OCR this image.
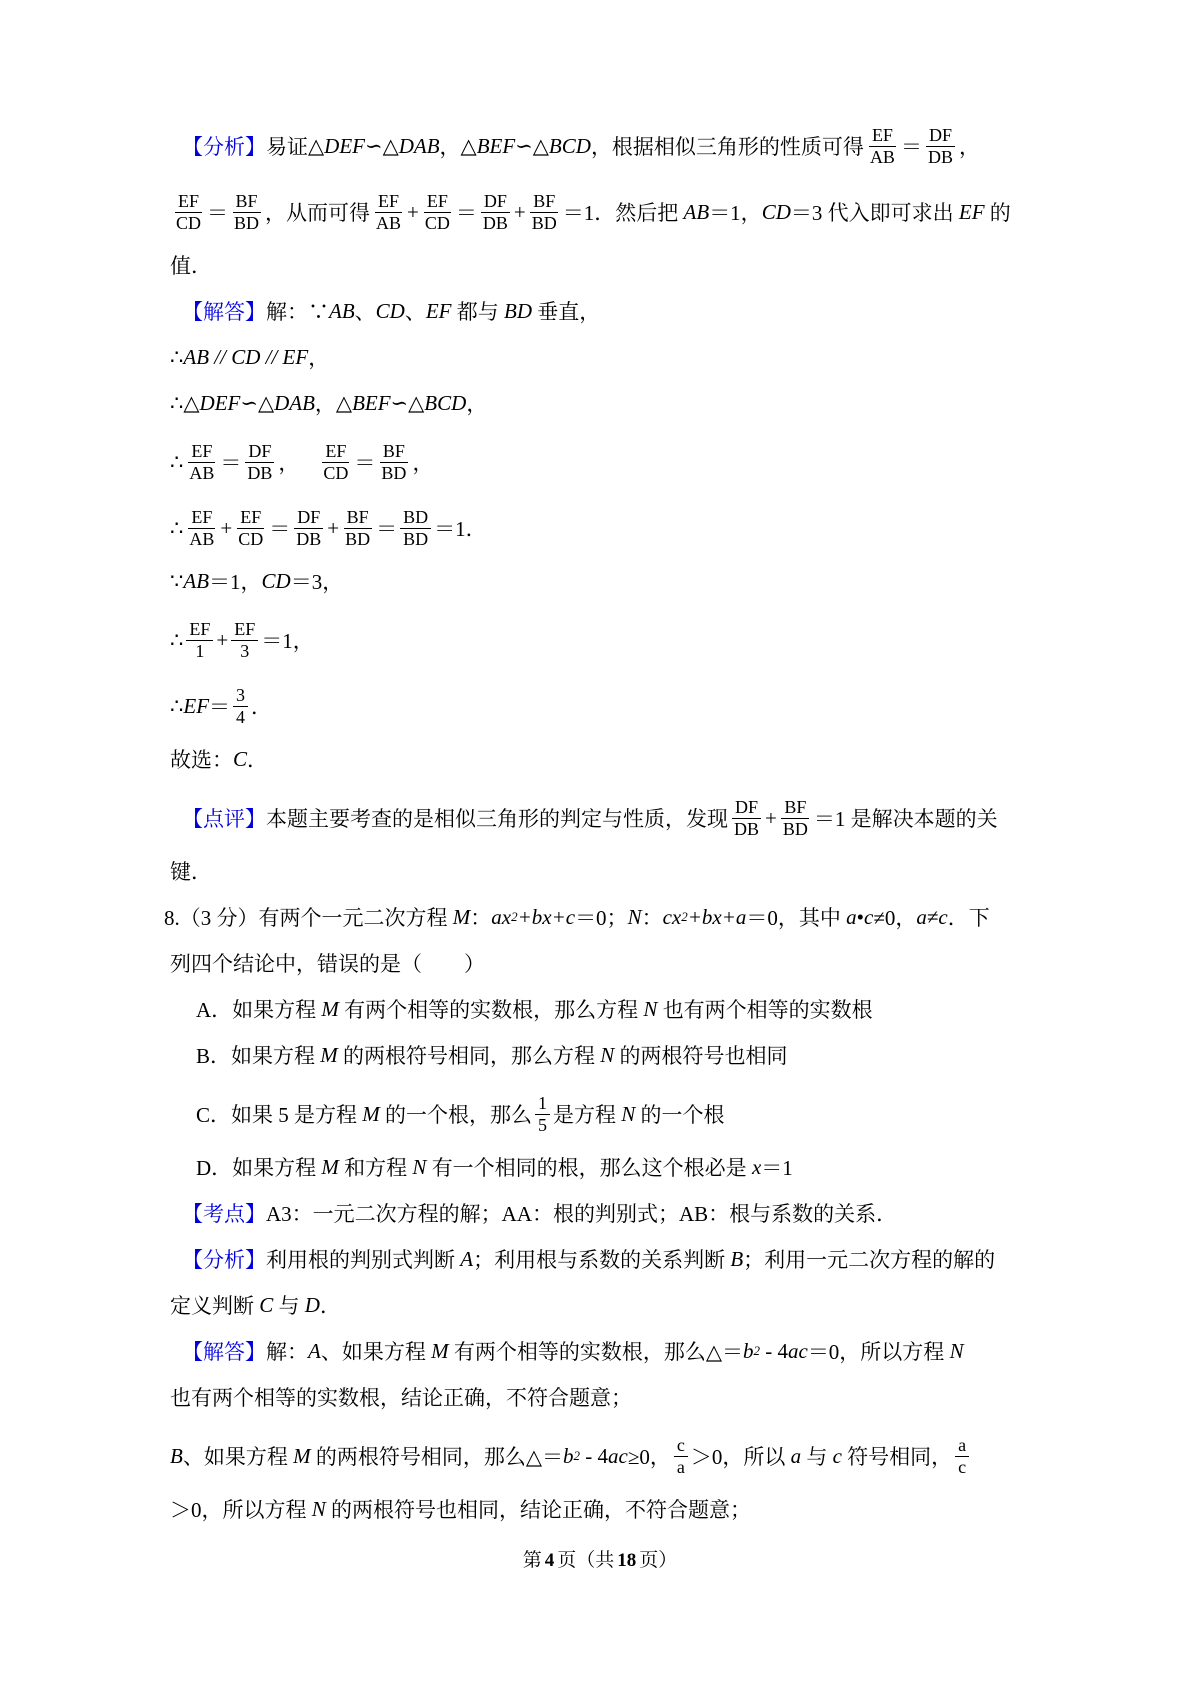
【分析】 易证 △DEF∽△DAB ， △BEF∽△BCD ，根据相似三角形的性质可得 $\frac{EF}{AB} = \frac{DF}{DB}$ ，
$\frac{EF}{CD} = \frac{BF}{BD}$ ，从而可得 $\frac{EF}{AB} + \frac{EF}{CD} = \frac{DF}{DB} + \frac{BF}{BD} =1$．然后把 AB ＝1， CD ＝3 代入即可求出 EF 的
值．
【解答】 解：∵ AB 、 CD 、 EF 都与 BD 垂直，
∴ AB // CD // EF ，
∴ △DEF∽△DAB ， △BEF∽△BCD ，
∴ $\frac{EF}{AB} = \frac{DF}{DB}$ ， $\frac{EF}{CD} = \frac{BF}{BD}$ ，
∴ $\frac{EF}{AB} + \frac{EF}{CD} = \frac{DF}{DB} + \frac{BF}{BD} = \frac{BD}{BD} =1$．
∵ AB ＝1， CD ＝3，
∴ $\frac{EF}{1} + \frac{EF}{3} =1$，
∴ EF ＝ $\frac{3}{4}$ ．
故选： C ．
【点评】 本题主要考查的是相似三角形的判定与性质，发现 $\frac{DF}{DB} + \frac{BF}{BD} =1$ 是解决本题的关
键．
8.（3 分）有两个一元二次方程 M ： ax 2 +bx+c ＝0； N ： cx 2 +bx+a ＝0，其中 a • c ≠0， a ≠ c ．下
列四个结论中，错误的是（　　）
A．如果方程 M 有两个相等的实数根，那么方程 N 也有两个相等的实数根
B．如果方程 M 的两根符号相同，那么方程 N 的两根符号也相同
C．如果 5 是方程 M 的一个根，那么 $\frac{1}{5}$ 是方程 N 的一个根
D．如果方程 M 和方程 N 有一个相同的根，那么这个根必是 x ＝1
【考点】 A3：一元二次方程的解；AA：根的判别式；AB：根与系数的关系．
【分析】 利用根的判别式判断 A ；利用根与系数的关系判断 B ；利用一元二次方程的解的
定义判断 C 与 D ．
【解答】 解： A 、如果方程 M 有两个相等的实数根，那么△＝ b 2 - 4 ac ＝0，所以方程 N
也有两个相等的实数根，结论正确，不符合题意；
B 、如果方程 M 的两根符号相同，那么△＝ b 2 - 4 ac ≥0， $\frac{c}{a} >0$，所以 a 与 c 符号相同， $\frac{a}{c}$
＞0，所以方程 N 的两根符号也相同，结论正确，不符合题意；
第 4 页（共 18 页）
